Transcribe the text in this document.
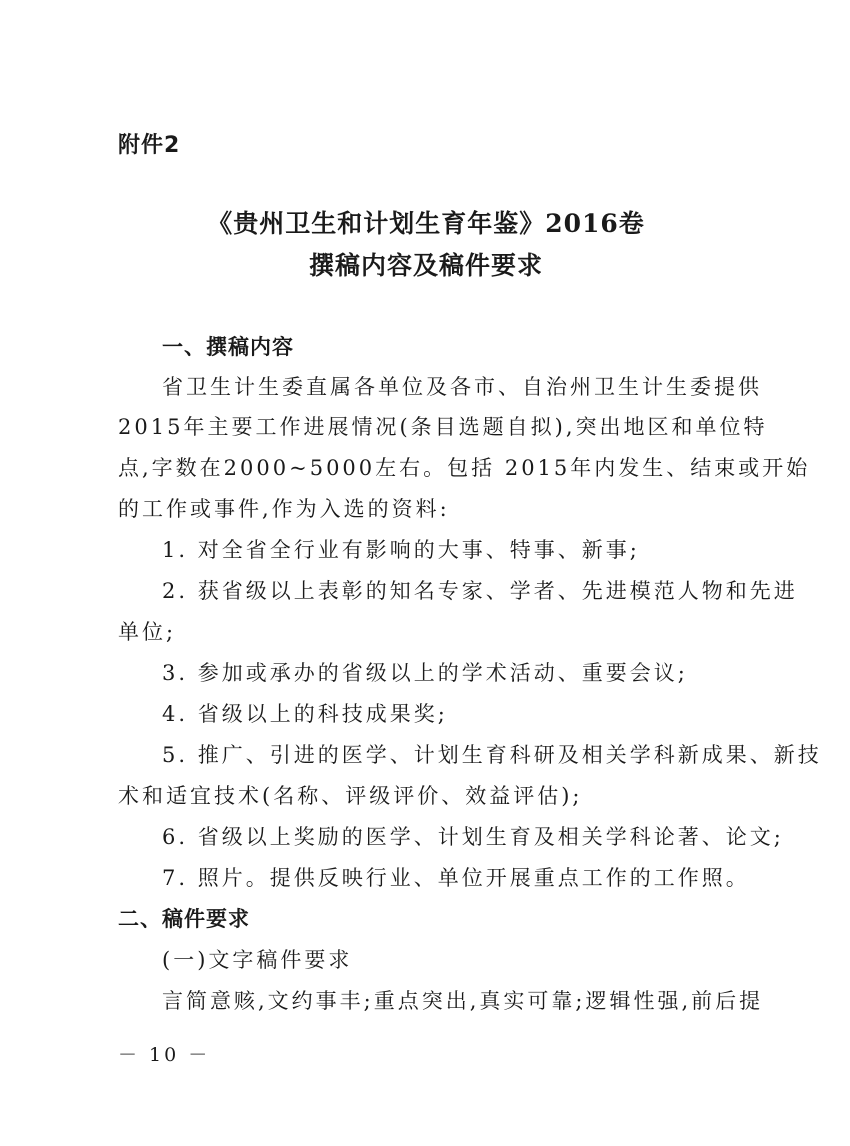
附件2
《贵州卫生和计划生育年鉴》2016卷
撰稿内容及稿件要求
一、撰稿内容
省卫生计生委直属各单位及各市、自治州卫生计生委提供
2015年主要工作进展情况(条目选题自拟),突出地区和单位特
点,字数在2000~5000左右。包括 2015年内发生、结束或开始
的工作或事件,作为入选的资料:
1. 对全省全行业有影响的大事、特事、新事;
2. 获省级以上表彰的知名专家、学者、先进模范人物和先进
单位;
3. 参加或承办的省级以上的学术活动、重要会议;
4. 省级以上的科技成果奖;
5. 推广、引进的医学、计划生育科研及相关学科新成果、新技
术和适宜技术(名称、评级评价、效益评估);
6. 省级以上奖励的医学、计划生育及相关学科论著、论文;
7. 照片。提供反映行业、单位开展重点工作的工作照。
二、稿件要求
(一)文字稿件要求
言简意赅,文约事丰;重点突出,真实可靠;逻辑性强,前后提
－ 10 －
